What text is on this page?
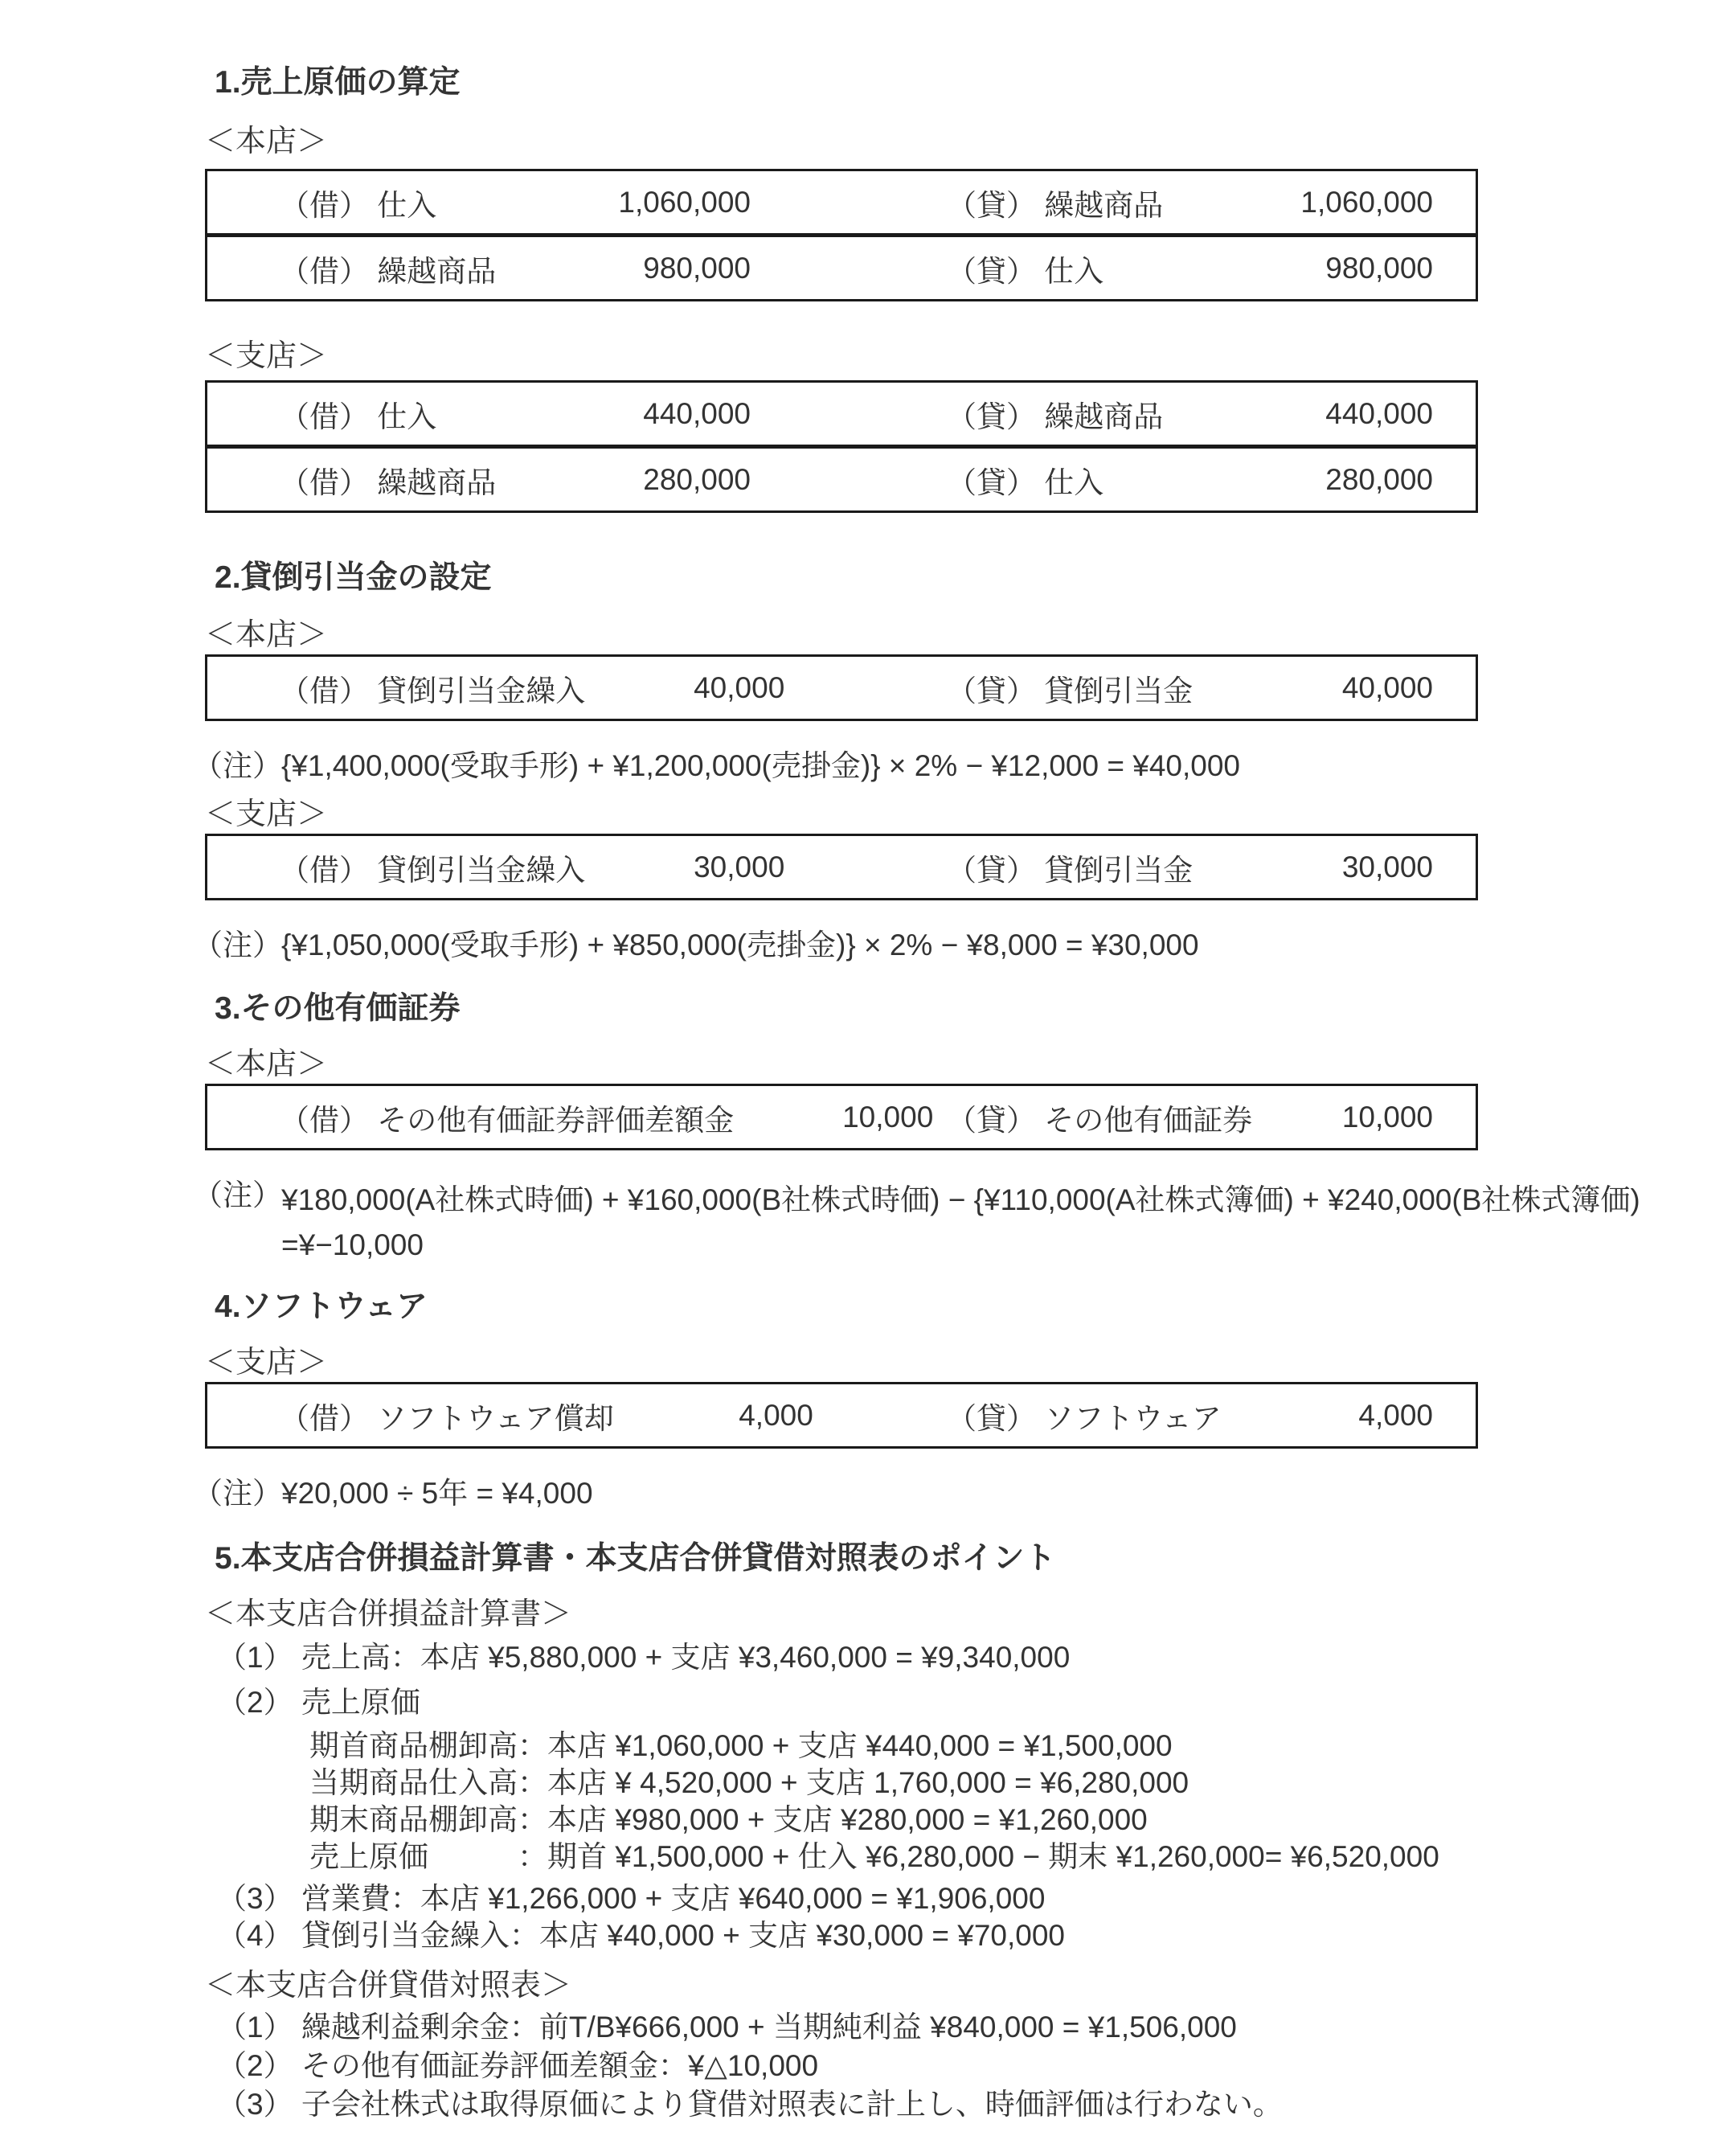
1.売上原価の算定
＜本店＞
（借） 仕入	1,060,000	（貸） 繰越商品	1,060,000
（借） 繰越商品	980,000	（貸） 仕入	980,000
＜支店＞
（借） 仕入	440,000	（貸） 繰越商品	440,000
（借） 繰越商品	280,000	（貸） 仕入	280,000
2.貸倒引当金の設定
＜本店＞
（借） 貸倒引当金繰入	40,000	（貸） 貸倒引当金	40,000
（注） {¥1,400,000(受取手形) + ¥1,200,000(売掛金)} × 2% − ¥12,000 = ¥40,000
＜支店＞
（借） 貸倒引当金繰入	30,000	（貸） 貸倒引当金	30,000
（注） {¥1,050,000(受取手形) + ¥850,000(売掛金)} × 2% − ¥8,000 = ¥30,000
3.その他有価証券
＜本店＞
（借） その他有価証券評価差額金	10,000 （貸） その他有価証券	10,000
（注） ¥180,000(A社株式時価) + ¥160,000(B社株式時価) − {¥110,000(A社株式簿価) + ¥240,000(B社株式簿価)
=¥−10,000
4.ソフトウェア
＜支店＞
（借） ソフトウェア償却	4,000	（貸） ソフトウェア	4,000
（注） ¥20,000 ÷ 5年 = ¥4,000
5.本支店合併損益計算書・本支店合併貸借対照表のポイント
＜本支店合併損益計算書＞
（1） 売上高：本店 ¥5,880,000 + 支店 ¥3,460,000 = ¥9,340,000
（2） 売上原価
期首商品棚卸高：本店 ¥1,060,000 + 支店 ¥440,000 = ¥1,500,000
当期商品仕入高：本店 ¥ 4,520,000 + 支店 1,760,000 = ¥6,280,000
期末商品棚卸高：本店 ¥980,000 + 支店 ¥280,000 = ¥1,260,000
売上原価　　　：期首 ¥1,500,000 + 仕入 ¥6,280,000 − 期末 ¥1,260,000= ¥6,520,000
（3） 営業費：本店 ¥1,266,000 + 支店 ¥640,000 = ¥1,906,000
（4） 貸倒引当金繰入：本店 ¥40,000 + 支店 ¥30,000 = ¥70,000
＜本支店合併貸借対照表＞
（1） 繰越利益剰余金：前T/B¥666,000 + 当期純利益 ¥840,000 = ¥1,506,000
（2） その他有価証券評価差額金：¥△10,000
（3） 子会社株式は取得原価により貸借対照表に計上し、時価評価は行わない。
